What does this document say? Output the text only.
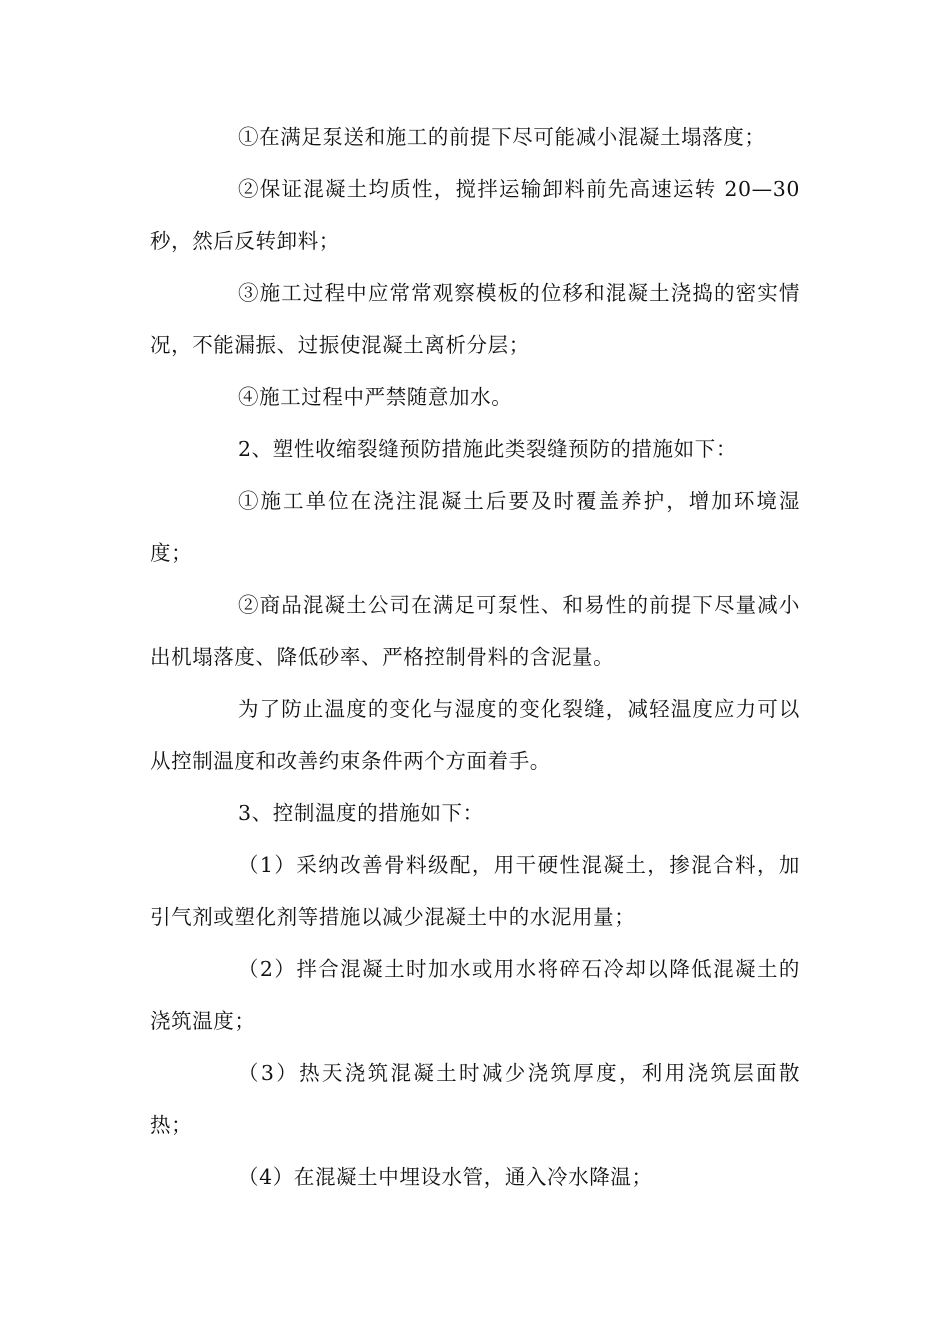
①在满足泵送和施工的前提下尽可能减小混凝土塌落度；

②保证混凝土均质性，搅拌运输卸料前先高速运转 20—30 秒，然后反转卸料；

③施工过程中应常常观察模板的位移和混凝土浇捣的密实情况，不能漏振、过振使混凝土离析分层；

④施工过程中严禁随意加水。

2、塑性收缩裂缝预防措施此类裂缝预防的措施如下：

①施工单位在浇注混凝土后要及时覆盖养护，增加环境湿度；

②商品混凝土公司在满足可泵性、和易性的前提下尽量减小出机塌落度、降低砂率、严格控制骨料的含泥量。

为了防止温度的变化与湿度的变化裂缝，减轻温度应力可以从控制温度和改善约束条件两个方面着手。

3、控制温度的措施如下：

（1）采纳改善骨料级配，用干硬性混凝土，掺混合料，加引气剂或塑化剂等措施以减少混凝土中的水泥用量；

（2）拌合混凝土时加水或用水将碎石冷却以降低混凝土的浇筑温度；

（3）热天浇筑混凝土时减少浇筑厚度，利用浇筑层面散热；

（4）在混凝土中埋设水管，通入冷水降温；
